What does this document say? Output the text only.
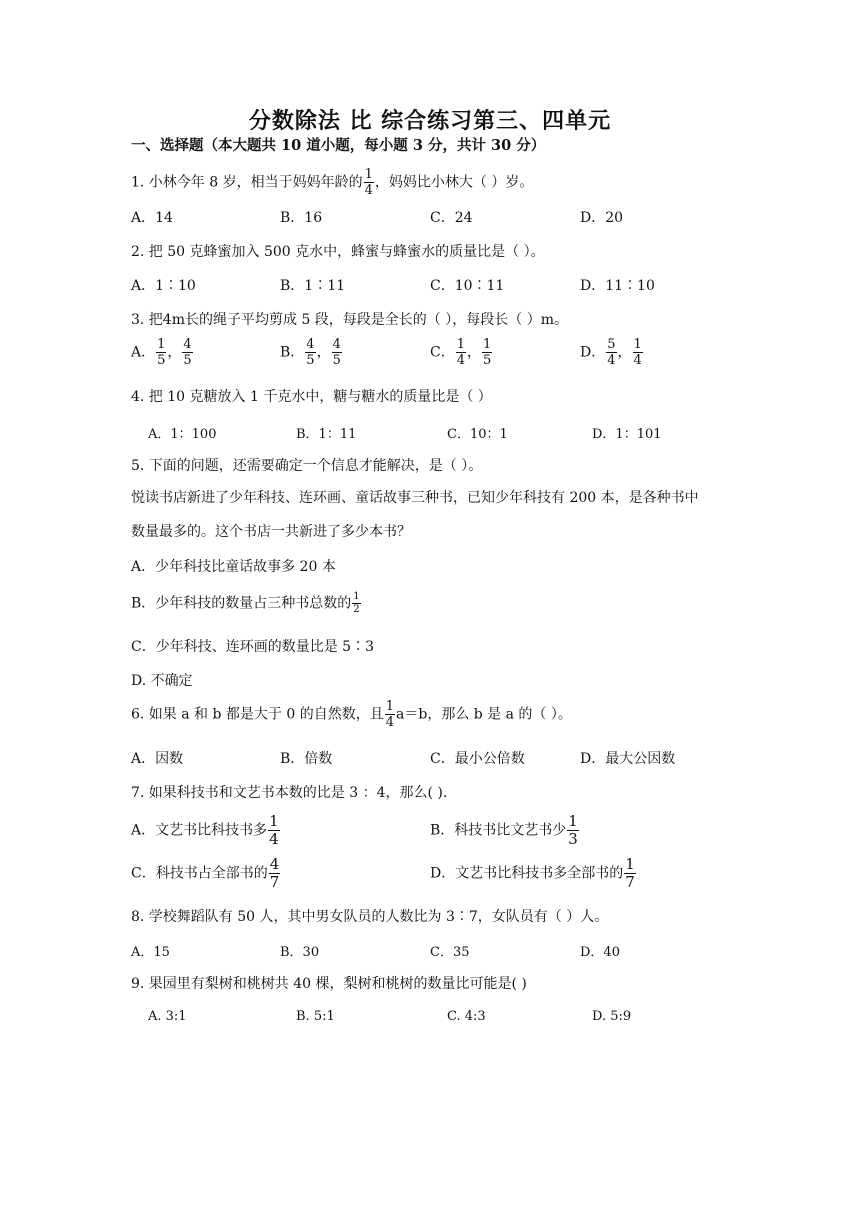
分数除法 比 综合练习第三、四单元
一、选择题（本大题共 10 道小题，每小题 3 分，共计 30 分）
1. 小林今年 8 岁，相当于妈妈年龄的 $\frac{1}{4}$ ，妈妈比小林大（ ）岁。
A．14	B．16	C．24	D．20
2. 把 50 克蜂蜜加入 500 克水中，蜂蜜与蜂蜜水的质量比是（ ）。
A．1∶10	B．1∶11	C．10∶11	D．11∶10
3. 把4m长的绳子平均剪成 5 段，每段是全长的（ ），每段长（ ）m。
A． $\frac{1}{5}$ ， $\frac{4}{5}$	B． $\frac{4}{5}$ ， $\frac{4}{5}$	C． $\frac{1}{4}$ ， $\frac{1}{5}$	D． $\frac{5}{4}$ ， $\frac{1}{4}$
4. 把 10 克糖放入 1 千克水中，糖与糖水的质量比是（ ）
A．1：100	B．1：11	C．10：1	D．1：101
5. 下面的问题，还需要确定一个信息才能解决，是（ ）。
悦读书店新进了少年科技、连环画、童话故事三种书，已知少年科技有 200 本，是各种书中
数量最多的。这个书店一共新进了多少本书？
A．少年科技比童话故事多 20 本
B．少年科技的数量占三种书总数的 $\frac{1}{2}$
C．少年科技、连环画的数量比是 5∶3
D. 不确定
6. 如果 a 和 b 都是大于 0 的自然数，且 $\frac{1}{4} a=b$，那么 b 是 a 的（ ）。
A．因数	B．倍数	C．最小公倍数	D．最大公因数
7. 如果科技书和文艺书本数的比是 3 ：4，那么( ).
A．文艺书比科技书多 $\frac{1}{4}$	B．科技书比文艺书少 $\frac{1}{3}$
C．科技书占全部书的 $\frac{4}{7}$	D．文艺书比科技书多全部书的 $\frac{1}{7}$
8. 学校舞蹈队有 50 人，其中男女队员的人数比为 3∶7，女队员有（ ）人。
A．15	B．30	C．35	D．40
9. 果园里有梨树和桃树共 40 棵，梨树和桃树的数量比可能是( )
A. 3:1	B. 5:1	C. 4:3	D. 5:9
